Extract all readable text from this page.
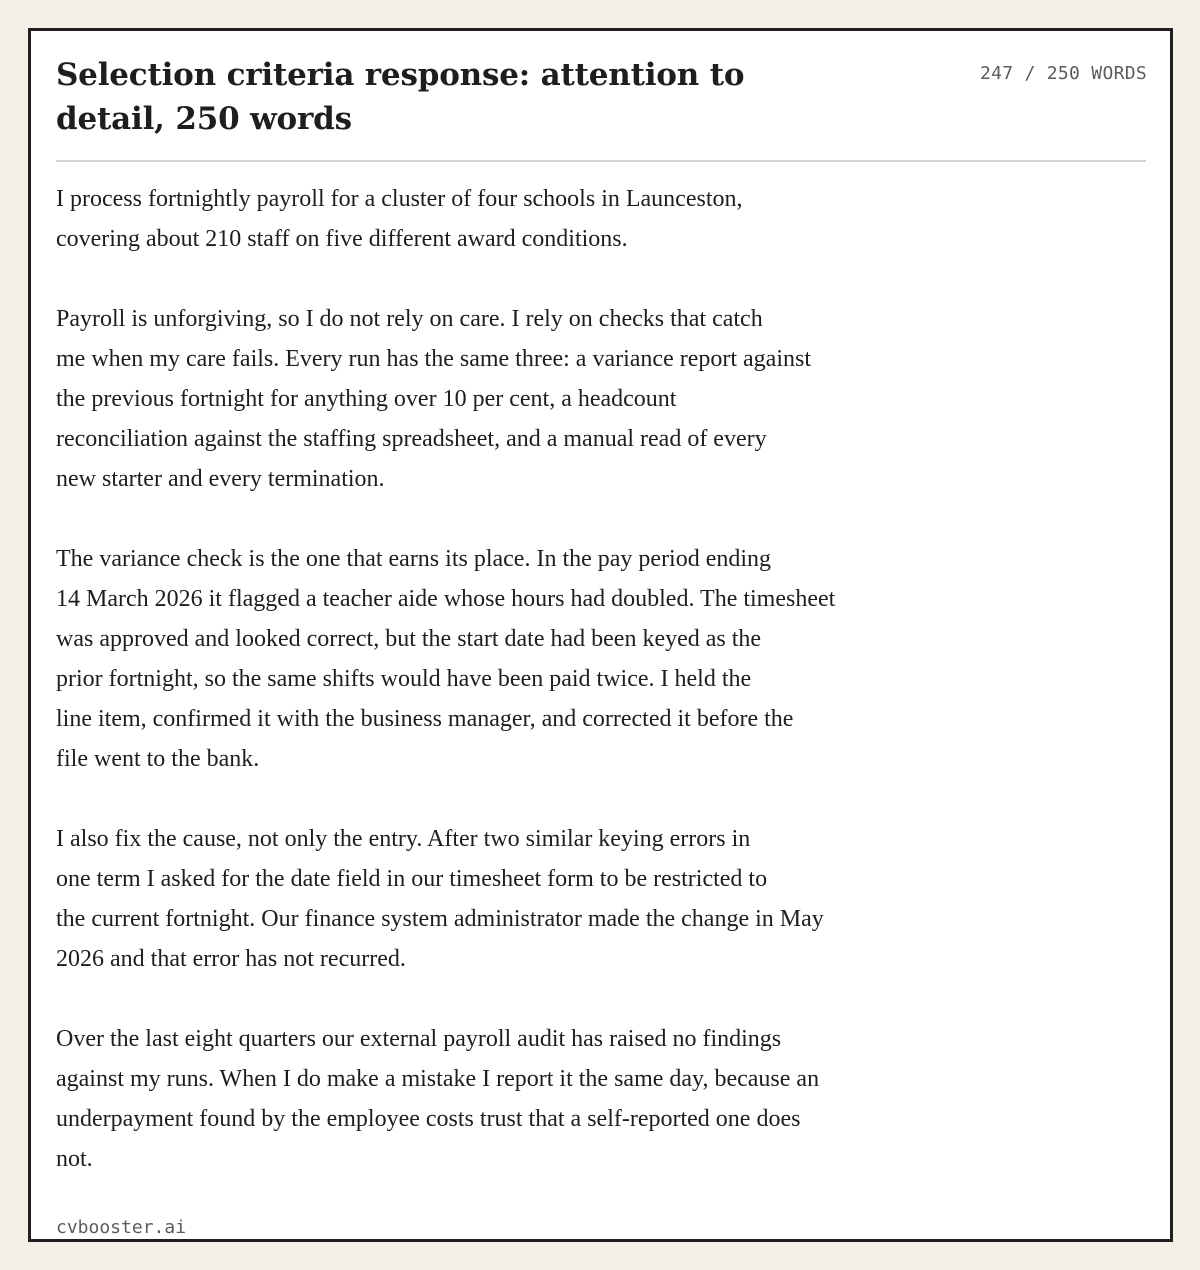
Selection criteria response: attention to detail, 250 words
247 / 250 WORDS

I process fortnightly payroll for a cluster of four schools in Launceston,
covering about 210 staff on five different award conditions.

Payroll is unforgiving, so I do not rely on care. I rely on checks that catch
me when my care fails. Every run has the same three: a variance report against
the previous fortnight for anything over 10 per cent, a headcount
reconciliation against the staffing spreadsheet, and a manual read of every
new starter and every termination.

The variance check is the one that earns its place. In the pay period ending
14 March 2026 it flagged a teacher aide whose hours had doubled. The timesheet
was approved and looked correct, but the start date had been keyed as the
prior fortnight, so the same shifts would have been paid twice. I held the
line item, confirmed it with the business manager, and corrected it before the
file went to the bank.

I also fix the cause, not only the entry. After two similar keying errors in
one term I asked for the date field in our timesheet form to be restricted to
the current fortnight. Our finance system administrator made the change in May
2026 and that error has not recurred.

Over the last eight quarters our external payroll audit has raised no findings
against my runs. When I do make a mistake I report it the same day, because an
underpayment found by the employee costs trust that a self-reported one does
not.

cvbooster.ai
